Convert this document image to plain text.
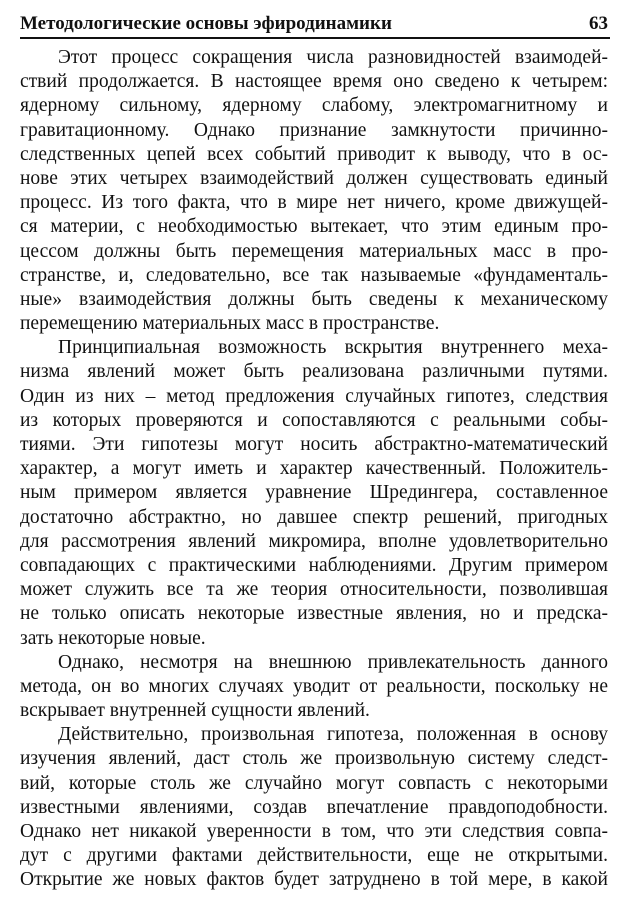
Методологические основы эфиродинамики	63
Этот процесс сокращения числа разновидностей взаимодей-
ствий продолжается. В настоящее время оно сведено к четырем:
ядерному сильному, ядерному слабому, электромагнитному и
гравитационному. Однако признание замкнутости причинно-
следственных цепей всех событий приводит к выводу, что в ос-
нове этих четырех взаимодействий должен существовать единый
процесс. Из того факта, что в мире нет ничего, кроме движущей-
ся материи, с необходимостью вытекает, что этим единым про-
цессом должны быть перемещения материальных масс в про-
странстве, и, следовательно, все так называемые «фундаменталь-
ные» взаимодействия должны быть сведены к механическому
перемещению материальных масс в пространстве.
Принципиальная возможность вскрытия внутреннего меха-
низма явлений может быть реализована различными путями.
Один из них – метод предложения случайных гипотез, следствия
из которых проверяются и сопоставляются с реальными собы-
тиями. Эти гипотезы могут носить абстрактно-математический
характер, а могут иметь и характер качественный. Положитель-
ным примером является уравнение Шредингера, составленное
достаточно абстрактно, но давшее спектр решений, пригодных
для рассмотрения явлений микромира, вполне удовлетворительно
совпадающих с практическими наблюдениями. Другим примером
может служить все та же теория относительности, позволившая
не только описать некоторые известные явления, но и предска-
зать некоторые новые.
Однако, несмотря на внешнюю привлекательность данного
метода, он во многих случаях уводит от реальности, поскольку не
вскрывает внутренней сущности явлений.
Действительно, произвольная гипотеза, положенная в основу
изучения явлений, даст столь же произвольную систему следст-
вий, которые столь же случайно могут совпасть с некоторыми
известными явлениями, создав впечатление правдоподобности.
Однако нет никакой уверенности в том, что эти следствия совпа-
дут с другими фактами действительности, еще не открытыми.
Открытие же новых фактов будет затруднено в той мере, в какой
